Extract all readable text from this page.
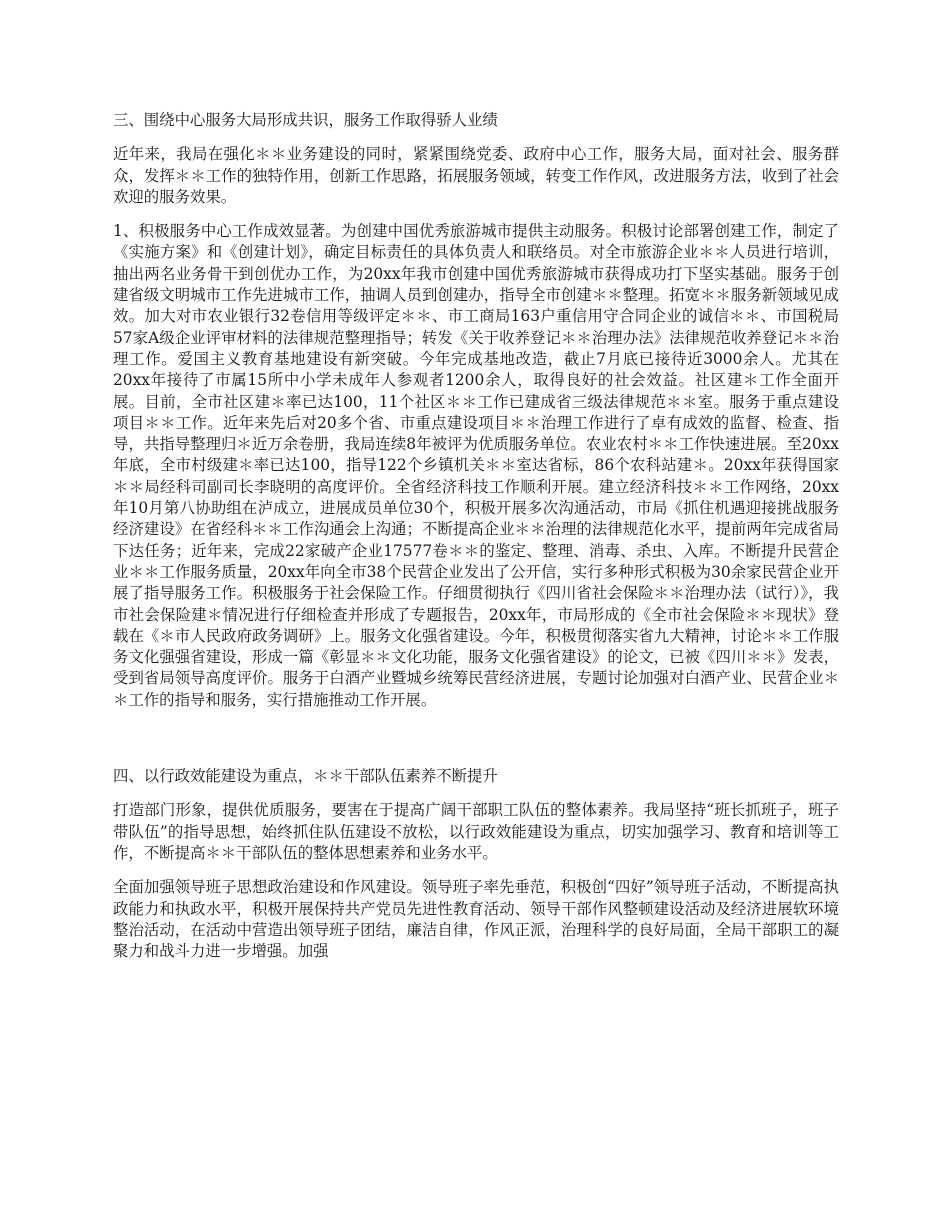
三、围绕中心服务大局形成共识，服务工作取得骄人业绩

近年来，我局在强化＊＊业务建设的同时，紧紧围绕党委、政府中心工作，服务大局，面对社会、服务群众，发挥＊＊工作的独特作用，创新工作思路，拓展服务领域，转变工作作风，改进服务方法，收到了社会欢迎的服务效果。

1、积极服务中心工作成效显著。为创建中国优秀旅游城市提供主动服务。积极讨论部署创建工作，制定了《实施方案》和《创建计划》，确定目标责任的具体负责人和联络员。对全市旅游企业＊＊人员进行培训，抽出两名业务骨干到创优办工作，为20xx年我市创建中国优秀旅游城市获得成功打下坚实基础。服务于创建省级文明城市工作先进城市工作，抽调人员到创建办，指导全市创建＊＊整理。拓宽＊＊服务新领域见成效。加大对市农业银行32卷信用等级评定＊＊、市工商局163户重信用守合同企业的诚信＊＊、市国税局57家A级企业评审材料的法律规范整理指导；转发《关于收养登记＊＊治理办法》法律规范收养登记＊＊治理工作。爱国主义教育基地建设有新突破。今年完成基地改造，截止7月底已接待近3000余人。尤其在20xx年接待了市属15所中小学未成年人参观者1200余人，取得良好的社会效益。社区建＊工作全面开展。目前，全市社区建＊率已达100，11个社区＊＊工作已建成省三级法律规范＊＊室。服务于重点建设项目＊＊工作。近年来先后对20多个省、市重点建设项目＊＊治理工作进行了卓有成效的监督、检查、指导，共指导整理归＊近万余卷册，我局连续8年被评为优质服务单位。农业农村＊＊工作快速进展。至20xx年底，全市村级建＊率已达100，指导122个乡镇机关＊＊室达省标，86个农科站建＊。20xx年获得国家＊＊局经科司副司长李晓明的高度评价。全省经济科技工作顺利开展。建立经济科技＊＊工作网络，20xx年10月第八协助组在泸成立，进展成员单位30个，积极开展多次沟通活动，市局《抓住机遇迎接挑战服务经济建设》在省经科＊＊工作沟通会上沟通；不断提高企业＊＊治理的法律规范化水平，提前两年完成省局下达任务；近年来，完成22家破产企业17577卷＊＊的鉴定、整理、消毒、杀虫、入库。不断提升民营企业＊＊工作服务质量，20xx年向全市38个民营企业发出了公开信，实行多种形式积极为30余家民营企业开展了指导服务工作。积极服务于社会保险工作。仔细贯彻执行《四川省社会保险＊＊治理办法（试行）》，我市社会保险建＊情况进行仔细检查并形成了专题报告，20xx年，市局形成的《全市社会保险＊＊现状》登载在《＊市人民政府政务调研》上。服务文化强省建设。今年，积极贯彻落实省九大精神，讨论＊＊工作服务文化强强省建设，形成一篇《彰显＊＊文化功能，服务文化强省建设》的论文，已被《四川＊＊》发表，受到省局领导高度评价。服务于白酒产业暨城乡统筹民营经济进展，专题讨论加强对白酒产业、民营企业＊＊工作的指导和服务，实行措施推动工作开展。

四、以行政效能建设为重点，＊＊干部队伍素养不断提升

打造部门形象，提供优质服务，要害在于提高广阔干部职工队伍的整体素养。我局坚持“班长抓班子，班子带队伍”的指导思想，始终抓住队伍建设不放松，以行政效能建设为重点，切实加强学习、教育和培训等工作，不断提高＊＊干部队伍的整体思想素养和业务水平。

全面加强领导班子思想政治建设和作风建设。领导班子率先垂范，积极创“四好”领导班子活动，不断提高执政能力和执政水平，积极开展保持共产党员先进性教育活动、领导干部作风整顿建设活动及经济进展软环境整治活动，在活动中营造出领导班子团结，廉洁自律，作风正派，治理科学的良好局面，全局干部职工的凝聚力和战斗力进一步增强。加强
